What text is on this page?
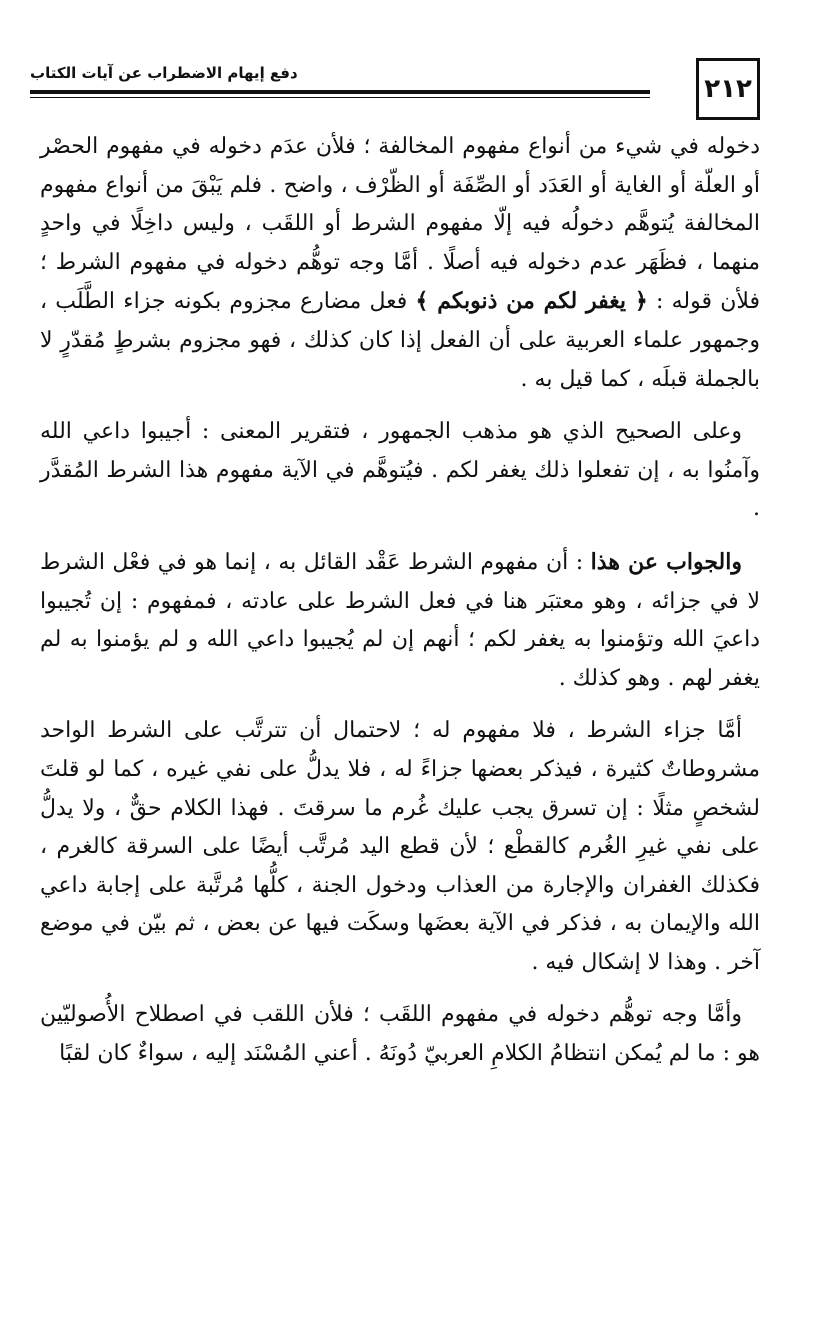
٢١٢
دفع إيهام الاضطراب عن آيات الكتاب

دخوله في شيء من أنواع مفهوم المخالفة ؛ فلأن عدَم دخوله في مفهوم الحصْر أو العلّة أو الغاية أو العَدَد أو الصِّفَة أو الظّرْف ، واضح . فلم يَبْقَ من أنواع مفهوم المخالفة يُتوهَّم دخولُه فيه إلّا مفهوم الشرط أو اللقَب ، وليس داخِلًا في واحدٍ منهما ، فظَهَر عدم دخوله فيه أصلًا . أمَّا وجه توهُّم دخوله في مفهوم الشرط ؛ فلأن قوله : ﴿ يغفر لكم من ذنوبكم ﴾ فعل مضارع مجزوم بكونه جزاء الطَّلَب ، وجمهور علماء العربية على أن الفعل إذا كان كذلك ، فهو مجزوم بشرطٍ مُقدّرٍ لا بالجملة قبلَه ، كما قيل به .

وعلى الصحيح الذي هو مذهب الجمهور ، فتقرير المعنى : أجيبوا داعي الله وآمنُوا به ، إن تفعلوا ذلك يغفر لكم . فيُتوهَّم في الآية مفهوم هذا الشرط المُقدَّر .

والجواب عن هذا : أن مفهوم الشرط عَقْد القائل به ، إنما هو في فعْل الشرط لا في جزائه ، وهو معتبَر هنا في فعل الشرط على عادته ، فمفهوم : إن تُجيبوا داعيَ الله وتؤمنوا به يغفر لكم ؛ أنهم إن لم يُجيبوا داعي الله و لم يؤمنوا به لم يغفر لهم . وهو كذلك .

أمَّا جزاء الشرط ، فلا مفهوم له ؛ لاحتمال أن تترتَّب على الشرط الواحد مشروطاتٌ كثيرة ، فيذكر بعضها جزاءً له ، فلا يدلُّ على نفي غيره ، كما لو قلتَ لشخصٍ مثلًا : إن تسرق يجب عليك غُرم ما سرقتَ . فهذا الكلام حقٌّ ، ولا يدلُّ على نفي غيرِ الغُرم كالقطْع ؛ لأن قطع اليد مُرتَّب أيضًا على السرقة كالغرم ، فكذلك الغفران والإجارة من العذاب ودخول الجنة ، كلُّها مُرتَّبة على إجابة داعي الله والإيمان به ، فذكر في الآية بعضَها وسكَت فيها عن بعض ، ثم بيّن في موضع آخر . وهذا لا إشكال فيه .

وأمَّا وجه توهُّم دخوله في مفهوم اللقَب ؛ فلأن اللقب في اصطلاح الأُصوليّين هو : ما لم يُمكن انتظامُ الكلامِ العربيّ دُونَهُ . أعني المُسْنَد إليه ، سواءٌ كان لقبًا
